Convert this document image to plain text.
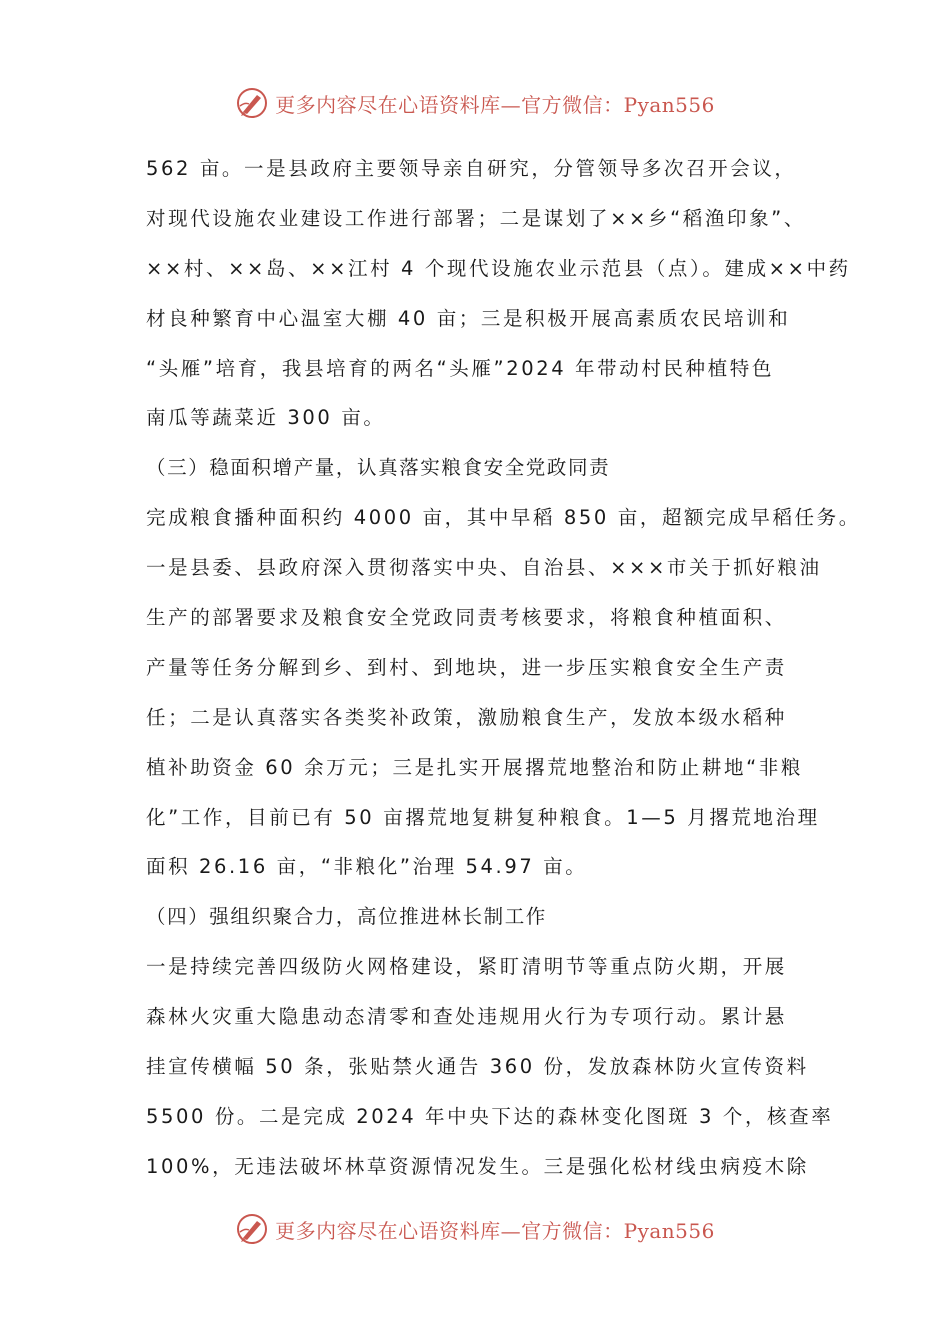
更多内容尽在心语资料库—官方微信：Pyan556
562 亩。一是县政府主要领导亲自研究，分管领导多次召开会议，
对现代设施农业建设工作进行部署；二是谋划了××乡“稻渔印象”、
××村、××岛、××江村 4 个现代设施农业示范县（点）。建成××中药
材良种繁育中心温室大棚 40 亩；三是积极开展高素质农民培训和
“头雁”培育，我县培育的两名“头雁”2024 年带动村民种植特色
南瓜等蔬菜近 300 亩。
（三）稳面积增产量，认真落实粮食安全党政同责
完成粮食播种面积约 4000 亩，其中早稻 850 亩，超额完成早稻任务。
一是县委、县政府深入贯彻落实中央、自治县、×××市关于抓好粮油
生产的部署要求及粮食安全党政同责考核要求，将粮食种植面积、
产量等任务分解到乡、到村、到地块，进一步压实粮食安全生产责
任；二是认真落实各类奖补政策，激励粮食生产，发放本级水稻种
植补助资金 60 余万元；三是扎实开展撂荒地整治和防止耕地“非粮
化”工作，目前已有 50 亩撂荒地复耕复种粮食。1—5 月撂荒地治理
面积 26.16 亩，“非粮化”治理 54.97 亩。
（四）强组织聚合力，高位推进林长制工作
一是持续完善四级防火网格建设，紧盯清明节等重点防火期，开展
森林火灾重大隐患动态清零和查处违规用火行为专项行动。累计悬
挂宣传横幅 50 条，张贴禁火通告 360 份，发放森林防火宣传资料
5500 份。二是完成 2024 年中央下达的森林变化图斑 3 个，核查率
100%，无违法破坏林草资源情况发生。三是强化松材线虫病疫木除
更多内容尽在心语资料库—官方微信：Pyan556
